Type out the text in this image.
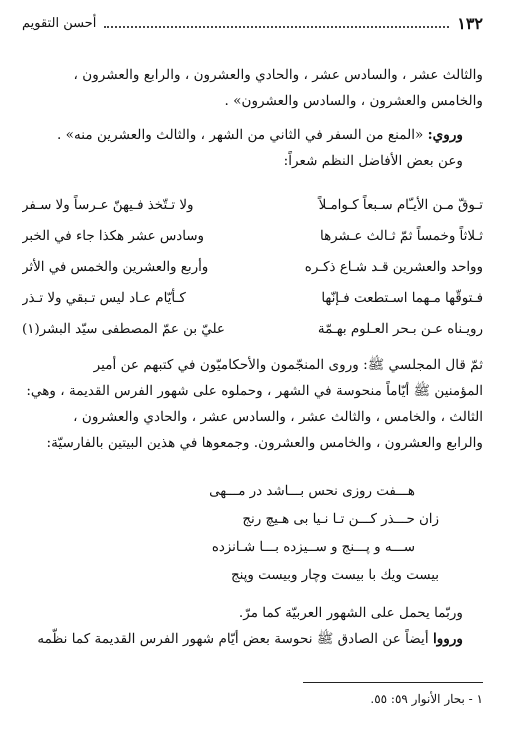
١٣٢
أحسن التقويم
والثالث عشر ، والسادس عشر ، والحادي والعشرون ، والرابع والعشرون ،
والخامس والعشرون ، والسادس والعشرون» .
وروي: «المنع من السفر في الثاني من الشهر ، والثالث والعشرين منه» .
وعن بعض الأفاضل النظم شعراً:
تـوقّ مـن الأيـّام سـبعاً كـوامـلاً
ولا تـتّخذ فـيهنّ عـرساً ولا سـفر
ثـلاثاً وخمساً ثمّ ثـالث عـشرها
وسادس عشر هكذا جاء في الخبر
وواحد والعشرين قـد شـاع ذكـره
وأربع والعشرين والخمس في الأثر
فـتوقّها مـهما اسـتطعت فـإنّها
كـأيّام عـاد ليس تـبقي ولا تـذر
رويـناه عـن بـحر العـلوم بهـمّة
عليّ بن عمّ المصطفى سيّد البشر(١)
ثمّ قال المجلسي ﷺ: وروى المنجّمون والأحكاميّون في كتبهم عن أمير
المؤمنين ﷺ أيّاماً منحوسة في الشهر ، وحملوه على شهور الفرس القديمة ، وهي:
الثالث ، والخامس ، والثالث عشر ، والسادس عشر ، والحادي والعشرون ،
والرابع والعشرون ، والخامس والعشرون. وجمعوها في هذين البيتين بالفارسيّة:
هـــفت روزى نحس بـــاشد در مـــهى
زان حـــذر كـــن تـا نـيا بى هـيچ رنج
ســـه و پـــنج و ســيزده بـــا شـانزده
بيست ويك با بيست وچار وبيست وپنج
وربّما يحمل على الشهور العربيّة كما مرّ.
ورووا أيضاً عن الصادق ﷺ نحوسة بعض أيّام شهور الفرس القديمة كما نظّمه
١ - بحار الأنوار ٥٩: ٥٥.
